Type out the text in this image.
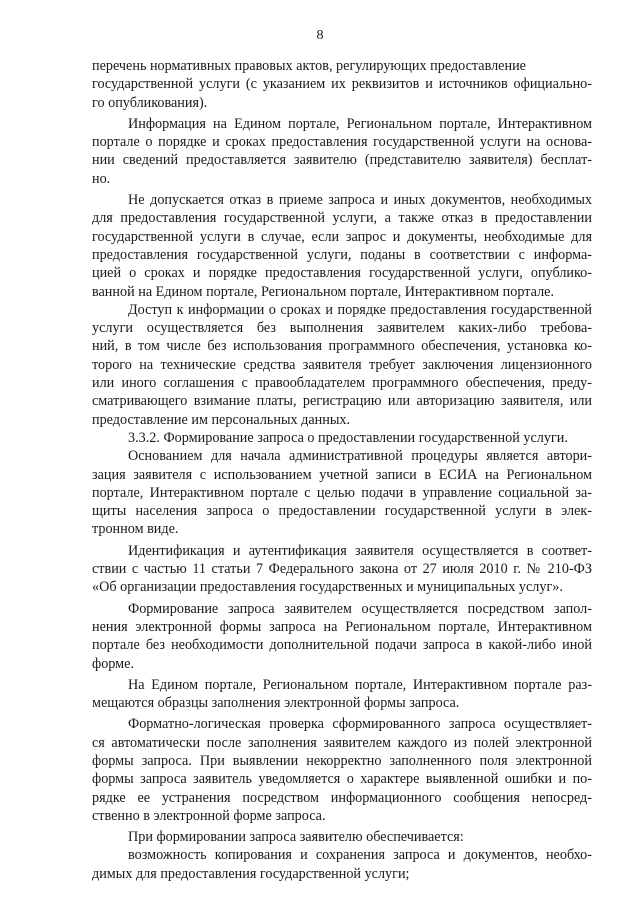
8
перечень нормативных правовых актов, регулирующих предоставление
государственной услуги (с указанием их реквизитов и источников официально-
го опубликования).
Информация на Едином портале, Региональном портале, Интерактивном
портале о порядке и сроках предоставления государственной услуги на основа-
нии сведений предоставляется заявителю (представителю заявителя) бесплат-
но.
Не допускается отказ в приеме запроса и иных документов, необходимых
для предоставления государственной услуги, а также отказ в предоставлении
государственной услуги в случае, если запрос и документы, необходимые для
предоставления государственной услуги, поданы в соответствии с информа-
цией о сроках и порядке предоставления государственной услуги, опублико-
ванной на Едином портале, Региональном портале, Интерактивном портале.
Доступ к информации о сроках и порядке предоставления государственной
услуги осуществляется без выполнения заявителем каких-либо требова-
ний, в том числе без использования программного обеспечения, установка ко-
торого на технические средства заявителя требует заключения лицензионного
или иного соглашения с правообладателем программного обеспечения, преду-
сматривающего взимание платы, регистрацию или авторизацию заявителя, или
предоставление им персональных данных.
3.3.2. Формирование запроса о предоставлении государственной услуги.
Основанием для начала административной процедуры является автори-
зация заявителя с использованием учетной записи в ЕСИА на Региональном
портале, Интерактивном портале с целью подачи в управление социальной за-
щиты населения запроса о предоставлении государственной услуги в элек-
тронном виде.
Идентификация и аутентификация заявителя осуществляется в соответ-
ствии с частью 11 статьи 7 Федерального закона от 27 июля 2010 г. № 210-ФЗ
«Об организации предоставления государственных и муниципальных услуг».
Формирование запроса заявителем осуществляется посредством запол-
нения электронной формы запроса на Региональном портале, Интерактивном
портале без необходимости дополнительной подачи запроса в какой-либо иной
форме.
На Едином портале, Региональном портале, Интерактивном портале раз-
мещаются образцы заполнения электронной формы запроса.
Форматно-логическая проверка сформированного запроса осуществляет-
ся автоматически после заполнения заявителем каждого из полей электронной
формы запроса. При выявлении некорректно заполненного поля электронной
формы запроса заявитель уведомляется о характере выявленной ошибки и по-
рядке ее устранения посредством информационного сообщения непосред-
ственно в электронной форме запроса.
При формировании запроса заявителю обеспечивается:
возможность копирования и сохранения запроса и документов, необхо-
димых для предоставления государственной услуги;
